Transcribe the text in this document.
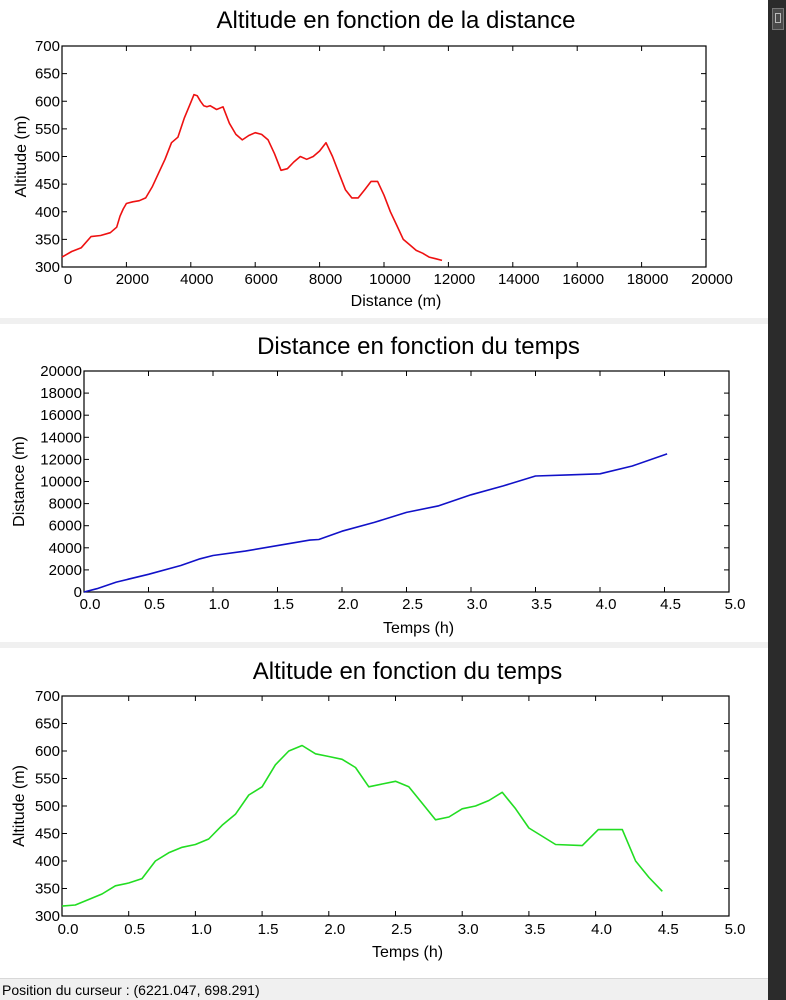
Altitude en fonction de la distance
0	2000 4000 6000 8000 10000 12000 14000 16000 18000 20000
300
350
400
450
500
550
600
650
700
Distance (m)
Altitude (m)
Distance en fonction du temps
0.0	0.5	1.0	1.5	2.0	2.5	3.0	3.5	4.0	4.5	5.0
0
2000
4000
6000
8000
10000
12000
14000
16000
18000
20000
Temps (h)
Distance (m)
Altitude en fonction du temps
0.0	0.5	1.0	1.5	2.0	2.5	3.0	3.5	4.0	4.5	5.0
300
350
400
450
500
550
600
650
700
Temps (h)
Altitude (m)
Position du curseur : (6221.047, 698.291)
